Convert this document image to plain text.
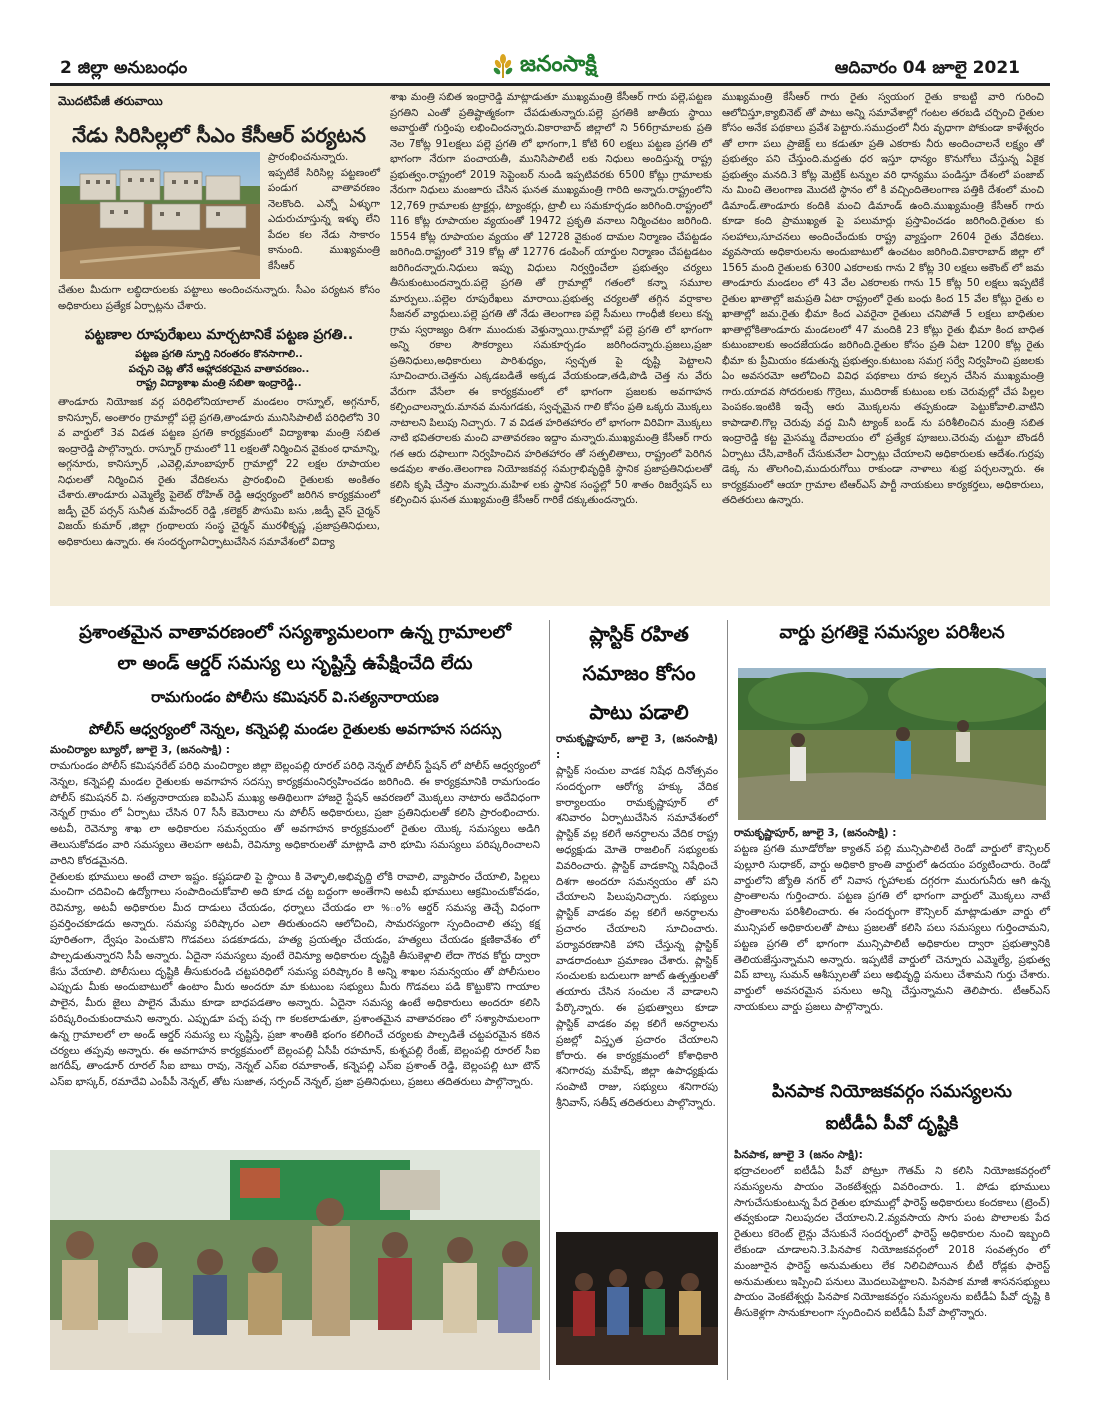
2 జిల్లా అనుబంధం	జనంసాక్షి	ఆదివారం 04 జూలై 2021
మొదటిపేజీ తరువాయి
నేడు సిరిసిల్లలో సీఎం కేసీఆర్ పర్యటన
ప్రారంభించనున్నారు. ఇప్పటికే సిరిసిల్ల పట్టణంలో పండుగ వాతావరణం నెలకొంది. ఎన్నో ఏళ్ళుగా ఎదురుచూస్తున్న ఇళ్ళు లేని పేదల కల నేడు సాకారం కానుంది. ముఖ్యమంత్రి కేసీఆర్
చేతుల మీదుగా లబ్ధిదారులకు పట్టాలు అందించనున్నారు. సీఎం పర్యటన కోసం అధికారులు ప్రత్యేక ఏర్పాట్లను చేశారు.
పట్టణాల రూపురేఖలు మార్చటానికే పట్టణ ప్రగతి..
పట్టణ ప్రగతి స్ఫూర్తి నిరంతరం కొనసాగాలి..
పచ్చని చెట్ల తోనే ఆహ్లాదకరమైన వాతావరణం..
రాష్ట్ర విద్యాశాఖ మంత్రి సబితా ఇంద్రారెడ్డి..
తాండూరు నియోజక వర్గ పరిధిలోనియాలాల్ మండలం రాస్నూల్, అగ్గనూర్, కానిస్పూర్, అంతారం గ్రామాల్లో పల్లె ప్రగతి,తాండూరు మునిసిపాలిటీ పరిధిలోని 30 వ వార్డులో 3వ విడత పట్టణ ప్రగతి కార్యక్రమంలో విద్యాశాఖ మంత్రి సబిత ఇంద్రారెడ్డి పాల్గొన్నారు. రాస్నూర్ గ్రామంలో 11 లక్షలతో నిర్మించిన వైకుంఠ ధామాన్ని, అగ్గనూరు, కానిస్పూర్ ,ఎవెల్లి,మాంబాపూర్ గ్రామాల్లో 22 లక్షల రూపాయల నిధులతో నిర్మించిన రైతు వేదికలను ప్రారంభించి రైతులకు అంకితం చేశారు.తాండూరు ఎమ్మెల్యే పైలెట్ రోహిత్ రెడ్డి ఆధ్వర్యంలో జరిగిన కార్యక్రమంలో జడ్పీ చైర్ పర్సన్ సునీత మహేందర్ రెడ్డి ,కలెక్టర్ పౌసుమి బసు ,జడ్పీ వైస్ చైర్మన్ విజయ్ కుమార్ ,జిల్లా గ్రంథాలయ సంస్థ చైర్మన్ మురళీకృష్ణ ,ప్రజాప్రతినిధులు, అధికారులు ఉన్నారు. ఈ సందర్భంగాఏర్పాటుచేసిన సమావేశంలో విద్యా
శాఖ మంత్రి సబిత ఇంద్రారెడ్డి మాట్లాడుతూ ముఖ్యమంత్రి కేసీఆర్ గారు పల్లె,పట్టణ ప్రగతిని ఎంతో ప్రతిష్టాత్మకంగా చేపడుతున్నారు.పల్లె ప్రగతికి జాతీయ స్థాయి అవార్డుతో గుర్తింపు లభించిందన్నారు.వికారాబాద్ జిల్లాలో ని 566గ్రామాలకు ప్రతి నెల 7కోట్ల 91లక్షలు పల్లె ప్రగతి లో భాగంగా,1 కోటి 60 లక్షలు పట్టణ ప్రగతి లో భాగంగా నేరుగా పంచాయతీ, మునిసిపాలిటీ లకు నిధులు అందిస్తున్న రాష్ట్ర ప్రభుత్వం.రాష్ట్రంలో 2019 సెప్టెంబర్ నుండి ఇప్పటివరకు 6500 కోట్లు గ్రామాలకు నేరుగా నిధులు మంజూరు చేసిన ఘనత ముఖ్యమంత్రి గారిది అన్నారు.రాష్ట్రంలోని 12,769 గ్రామాలకు ట్రాక్టర్లు, ట్యాంకర్లు, ట్రాలీ లు సమకూర్చడం జరిగింది.రాష్ట్రంలో 116 కోట్ల రూపాయల వ్యయంతో 19472 ప్రకృతి వనాలు నిర్మించటం జరిగింది. 1554 కోట్ల రూపాయల వ్యయం తో 12728 వైకుంఠ దామల నిర్మాణం చేపట్టడం జరిగింది.రాష్ట్రంలో 319 కోట్ల తో 12776 డంపింగ్ యార్డుల నిర్మాణం చేపట్టడటం జరిగిందన్నారు.నిధులు ఇప్పు విధులు నిర్వర్తించేలా ప్రభుత్వం చర్యలు తీసుకుంటుందన్నారు.పల్లె ప్రగతి తో గ్రామాల్లో గతంలో కన్నా సమూల మార్పులు..పల్లెల రూపురేఖలు మారాయి.ప్రభుత్వ చర్యలతో తగ్గిన వర్షాకాల సీజనల్ వ్యాధులు.పల్లె ప్రగతి తో నేడు తెలంగాణ పల్లె సీమలు గాంధీజీ కలలు కన్న గ్రామ స్వరాజ్యం దిశగా ముందుకు వెళ్తున్నాయి.గ్రామాల్లో పల్లె ప్రగతి లో భాగంగా అన్ని రకాల సౌకర్యాలు సమకూర్చడం జరిగిందన్నారు.ప్రజలు,ప్రజా ప్రతినిధులు,అధికారులు పారిశుధ్యం, స్వచ్ఛత పై దృష్టి పెట్టాలని సూచించారు.చెత్తను ఎక్కడబడితే అక్కడ వేయకుండా,తడి,పొడి చెత్త ను వేరు వేరుగా వేసేలా ఈ కార్యక్రమంలో లో భాగంగా ప్రజలకు అవగాహన కల్పించాలన్నారు.మానవ మనుగడకు, స్వచ్ఛమైన గాలి కోసం ప్రతి ఒక్కరు మొక్కలు నాటాలని పిలుపు నిచ్చారు. 7 వ విడత హరితహారం లో భాగంగా విరివిగా మొక్కలు నాటి భవితరాలకు మంచి వాతావరణం ఇద్దాం మన్నారు.ముఖ్యమంత్రి కేసీఆర్ గారు గత ఆరు దఫాలుగా నిర్వహించిన హరితహారం తో సత్ఫలితాలు, రాష్ట్రంలో పెరిగిన అడవుల శాతం.తెలంగాణ నియోజకవర్గ సమగ్రాభివృద్ధికి స్థానిక ప్రజాప్రతినిధులతో కలిసి కృషి చేస్తాం మన్నారు.మహిళ లకు స్థానిక సంస్థల్లో 50 శాతం రిజర్వేషన్ లు కల్పించిన ఘనత ముఖ్యమంత్రి కేసీఆర్ గారికే దక్కుతుందన్నారు.
ముఖ్యమంత్రి కేసీఆర్ గారు రైతు స్వయంగ రైతు కాబట్టి వారి గురించి ఆలోచిస్తూ,క్యాబినెట్ తో పాటు అన్ని సమావేశాల్లో గంటల తరబడి చర్చించి రైతుల కోసం అనేక పథకాలు ప్రవేశ పెట్టారు.సముద్రంలో నీరు వృధాగా పోకుండా కాళేశ్వరం తో లాగా పలు ప్రాజెక్ట్ లు కడుతూ ప్రతి ఎకరాకు నీరు అందించాలనే లక్ష్యం తో ప్రభుత్వం పని చేస్తుంది.మద్దతు ధర ఇస్తూ ధాన్యం కొనుగోలు చేస్తున్న ఏకైక ప్రభుత్వం మనది.3 కోట్ల మెట్రిక్ టన్నుల వరి ధాన్యము పండిస్తూ దేశంలో పంజాబ్ ను మించి తెలంగాణ మొదటి స్థానం లో కి వచ్చిందితెలంగాణ పత్తికి దేశంలో మంచి డిమాండ్.తాండూరు కందికి మంచి డిమాండ్ ఉంది.ముఖ్యమంత్రి కేసీఆర్ గారు కూడా కంది ప్రాముఖ్యత పై పలుమార్లు ప్రస్తావించడం జరిగింది.రైతుల కు సలహాలు,సూచనలు అందించేందుకు రాష్ట్ర వ్యాప్తంగా 2604 రైతు వేదికలు. వ్యవసాయ అధికారులను అందుబాటులో ఉంచటం జరిగింది.వికారాబాద్ జిల్లా లో 1565 మంది రైతులకు 6300 ఎకరాలకు గాను 2 కోట్ల 30 లక్షలు అకౌంట్ లో జమ తాండూరు మండలం లో 43 వేల ఎకరాలకు గాను 15 కోట్ల 50 లక్షలు ఇప్పటికే రైతుల ఖాతాల్లో జమప్రతి ఏటా రాష్ట్రంలో రైతు బంధు కింద 15 వేల కోట్లు రైతు ల ఖాతాల్లో జమ.రైతు భీమా కింద ఎవరైనా రైతులు చనిపోతే 5 లక్షలు బాధితుల ఖాతాల్లోకితాండూరు మండలంలో 47 మందికి 23 కోట్లు రైతు భీమా కింద బాధిత కుటుంబాలకు అందజేయడం జరిగింది.రైతుల కోసం ప్రతి ఏటా 1200 కోట్ల రైతు భీమా కు ప్రీమియం కడుతున్న ప్రభుత్వం.కుటుంబ సమగ్ర సర్వే నిర్వహించి ప్రజలకు ఏం అవసరమో ఆలోచించి వివిధ పథకాలు రూప కల్పన చేసిన ముఖ్యమంత్రి గారు.యాదవ సోదరులకు గొర్రెలు, ముదిరాజ్ కుటుంబ లకు చెరువుల్లో చేప పిల్లల పెంపకం.ఇంటికి ఇచ్చే ఆరు మొక్కలను తప్పకుండా పెట్టుకోవాలి.వాటిని కాపాడాలి.గొల్ల చెరువు వద్ద మినీ ట్యాంక్ బండ్ ను పరిశీలించిన మంత్రి సబిత ఇంద్రారెడ్డి కట్ట మైసమ్మ దేవాలయం లో ప్రత్యేక పూజలు.చెరువు చుట్టూ బౌండరీ ఏర్పాటు చేసి,వాకింగ్ చేసుకునేలా ఏర్పాట్లు చేయాలని అధికారులకు ఆదేశం.గుర్రపు డెక్క ను తొలగించి,ముదురుగోయి రాకుండా నాళాలు శుభ్ర పర్చలన్నారు. ఈ కార్యక్రమంలో ఆయా గ్రామాల టిఆర్ఎస్ పార్టీ నాయకులు కార్యకర్తలు, అధికారులు, తదితరులు ఉన్నారు.
ప్రశాంతమైన వాతావరణంలో సస్యశ్యామలంగా ఉన్న గ్రామాలలో
లా అండ్ ఆర్డర్ సమస్య లు సృష్టిస్తే ఉపేక్షించేది లేదు
రామగుండం పోలీసు కమిషనర్ వి.సత్యనారాయణ
పోలీస్ ఆధ్వర్యంలో నెన్నల, కన్నెపల్లి మండల రైతులకు అవగాహన సదస్సు
మంచిర్యాల బ్యూరో, జూలై 3, (జనంసాక్షి) :
రామగుండం పోలీస్ కమిషనరేట్ పరిధి మంచిర్యాల జిల్లా బెల్లంపల్లి రూరల్ పరిధి నెన్నల్ పోలీస్ స్టేషన్ లో పోలీస్ ఆధ్వర్యంలో నెన్నల, కన్నెపల్లి మండల రైతులకు అవగాహన సదస్సు కార్యక్రమంనిర్వహించడం జరిగింది. ఈ కార్యక్రమానికి రామగుండం పోలీస్ కమిషనర్ వి. సత్యనారాయణ ఐపిఎస్ ముఖ్య అతిథిలుగా హాజరై స్టేషన్ ఆవరణలో మొక్కలు నాటారు అదేవిధంగా నెన్నల్ గ్రామం లో ఏర్పాటు చేసిన 07 సీసీ కెమెరాలు ను పోలీస్ అధికారులు, ప్రజా ప్రతినిధులతో కలిసి ప్రారంభించారు. అటవీ, రెవెన్యూ శాఖ లా అధికారుల సమన్వయం తో అవగాహన కార్యక్రమంలో రైతుల యొక్క సమస్యలు అడిగి తెలుసుకోవడం వారి సమస్యలు తెలపగా అటవీ, రెవిన్యూ అధికారులతో మాట్లాడి వారి భూమి సమస్యలు పరిష్కరించాలని వారిని కోరడమైనది.
రైతులకు భూములు అంటే చాలా ఇష్టం. కష్టపడాలి పై స్థాయి కి వెళ్ళాలి,అభివృద్ది లోకి రావాలి, వ్యాపారం చేయాలి, పిల్లలు మంచిగా చదివించి ఉద్యోగాలు సంపాదించుకోవాలి అది కూడ చట్ట బద్దంగా అంతేగాని అటవీ భూములు ఆక్రమించుకోవడం, రెవిన్యూ, అటవీ అధికారుల మీద దాడులు చేయడం, ధర్నాలు చేయడం లా %ం% ఆర్డర్ సమస్య తెచ్చే విధంగా ప్రవర్తించకూడదు అన్నారు. సమస్య పరిష్కారం ఎలా తిరుతుందని ఆలోచించి, సామరస్యంగా స్పందించాలి తప్ప కక్ష పూరితంగా, ద్వేషం పెంచుకొని గొడవలు పడకూడదు, హత్య ప్రయత్నం చేయడం, హత్యలు చేయడం క్షణికావేశం లో పాల్పడుతున్నారని సీపీ అన్నారు. ఏదైనా సమస్యలు వుంటే రెవిన్యూ అధికారుల దృష్టికి తీసుకెళ్లాలి లేదా గౌరవ కోర్టు ద్వారా కేసు వేయాలి. పోలీసులు దృష్టికి తీసుకురండి చట్టపరిధిలో సమస్య పరిష్కారం కి అన్ని శాఖల సమన్వయం తో పోలీసులం ఎప్పుడు మీకు అందుబాటులో ఉంటాం మీరు అందరూ మా కుటుంబ సభ్యులు మీరు గొడవలు పడి కొట్టుకొని గాయాల పాలైన, మీరు జైలు పాలైన మేము కూడా బాధపడతాం అన్నారు. ఏదైనా సమస్య ఉంటే అధికారులు అందరూ కలిసి పరిష్కరించుకుందామని అన్నారు. ఎప్పుడూ పచ్చ పచ్చ గా కలకలాడుతూ, ప్రశాంతమైన వాతావరణం లో సశ్యాసామలంగా ఉన్న గ్రామాలలో లా అండ్ ఆర్డర్ సమస్య లు సృష్టిస్తే, ప్రజా శాంతికి భంగం కలిగించే చర్యలకు పాల్పడితే చట్టపరమైన కఠిన చర్యలు తప్పవు అన్నారు. ఈ అవగాహన కార్యక్రమంలో బెల్లంపల్లి ఏసీపీ రహమాన్, కుశ్నపల్లి రేంజ్, బెల్లంపల్లి రూరల్ సీఐ జగదీష్, తాండూర్ రూరల్ సీఐ బాబు రావు, నెన్నల్ ఎస్ఐ రమాకాంత్, కన్నెపల్లి ఎస్ఐ ప్రశాంత్ రెడ్డి, బెల్లంపల్లి టూ టౌన్ ఎస్ఐ భాస్కర్, రమాదేవి ఎంపీపీ నెన్నల్, తోట సుజాత, సర్పంచ్ నెన్నల్, ప్రజా ప్రతినిధులు, ప్రజలు తదితరులు పాల్గొన్నారు.
ప్లాస్టిక్ రహిత
సమాజం కోసం
పాటు పడాలి
రామకృష్ణాపూర్, జూలై 3, (జనంసాక్షి) :
ప్లాస్టిక్ సంచుల వాడక నిషేధ దినోత్సవం సందర్భంగా ఆరోగ్య హక్కు వేదిక కార్యాలయం రామకృష్ణాపూర్ లో శనివారం ఏర్పాటుచేసిన సమావేశంలో ప్లాస్టిక్ వల్ల కలిగే అనర్ధాలను వేదిక రాష్ట్ర అధ్యక్షుడు మోతె రాజలింగ్ సభ్యులకు వివరించారు. ప్లాస్టిక్ వాడకాన్ని నిషేధించే దిశగా అందరూ సమన్వయం తో పని చేయాలని పిలుపునిచ్చారు. సభ్యులు ప్లాస్టిక్ వాడకం వల్ల కలిగే అనర్ధాలను ప్రచారం చేయాలని సూచించారు. పర్యావరణానికి హాని చేస్తున్న ప్లాస్టిక్ వాడరాదంటూ ప్రమాణం చేశారు. ప్లాస్టిక్ సంచులకు బదులుగా జూట్ ఉత్పత్తులతో తయారు చేసిన సంచుల నే వాడాలని పేర్కొన్నారు. ఈ ప్రభుత్వాలు కూడా ప్లాస్టిక్ వాడకం వల్ల కలిగే అనర్ధాలను ప్రజల్లో విస్తృత ప్రచారం చేయాలని కోరారు. ఈ కార్యక్రమంలో కోశాధికారి శనిగారపు మహేష్, జిల్లా ఉపాధ్యక్షుడు సంపాటి రాజు, సభ్యులు శనిగారపు శ్రీనివాస్, సతీష్ తదితరులు పాల్గొన్నారు.
వార్డు ప్రగతికై సమస్యల పరిశీలన
రామకృష్ణాపూర్, జూలై 3, (జనంసాక్షి) :
పట్టణ ప్రగతి మూడోరోజు క్యాతన్ పల్లి మున్సిపాలిటీ రెండో వార్డులో కౌన్సిలర్ పుల్లూరి సుధాకర్, వార్డు అధికారి క్రాంతి వార్డులో ఉదయం పర్యటించారు. రెండో వార్డులోని జ్యోతి నగర్ లో నివాస గృహాలకు దగ్గరగా మురుగునీరు ఆగి ఉన్న ప్రాంతాలను గుర్తించారు. పట్టణ ప్రగతి లో భాగంగా వార్డులో మొక్కలు నాటే ప్రాంతాలను పరిశీలించారు. ఈ సందర్భంగా కౌన్సిలర్ మాట్లాడుతూ వార్డు లో మున్సిపల్ అధికారులతో పాటు ప్రజలతో కలిసి పలు సమస్యలు గుర్తించామని, పట్టణ ప్రగతి లో భాగంగా మున్సిపాలిటీ అధికారుల ద్వారా ప్రభుత్వానికి తెలియజేస్తున్నామని అన్నారు. ఇప్పటికే వార్డులో చెన్నూరు ఎమ్మెల్యే, ప్రభుత్వ విప్ బాల్క సుమన్ ఆశీస్సులతో పలు అభివృద్ధి పనులు చేశామని గుర్తు చేశారు. వార్డులో అవసరమైన పనులు అన్ని చేస్తున్నామని తెలిపారు. టీఆర్ఎస్ నాయకులు వార్డు ప్రజలు పాల్గొన్నారు.
పినపాక నియోజకవర్గం సమస్యలను
ఐటీడీఏ పీవో దృష్టికి
పినపాక, జూలై 3 (జనం సాక్షి):
భద్రాచలంలో ఐటీడీఏ పీవో పోట్రూ గౌతమ్ ని కలిసి నియోజకవర్గంలో సమస్యలను పాయం వెంకటేశ్వర్లు వివరించారు. 1. పోడు భూములు సాగుచేసుకుంటున్న పేద రైతుల భూముల్లో ఫారెస్ట్ అధికారులు కందకాలు (ట్రెంచ్) తవ్వకుండా నిలుపుదల చేయాలని.2.వ్యవసాయ సాగు పంట పొలాలకు పేద రైతులు కరెంట్ లైన్లు వేసుకునే సందర్భంలో ఫారెస్ట్ అధికారుల నుంచి ఇబ్బంది లేకుండా చూడాలని.3.పినపాక నియోజకవర్గంలో 2018 సంవత్సరం లో మంజూరైన ఫారెస్ట్ అనుమతులు లేక నిలిచిపోయిన బీటీ రోడ్లకు ఫారెస్ట్ అనుమతులు ఇప్పించి పనులు మొదలుపెట్టాలని. పినపాక మాజీ శాసనసభ్యులు పాయం వెంకటేశ్వర్లు పినపాక నియోజకవర్గం సమస్యలను ఐటీడీఏ పీవో దృష్టి కి తీసుకెళ్లగా సానుకూలంగా స్పందించిన ఐటీడీఏ పీవో పాల్గొన్నారు.
